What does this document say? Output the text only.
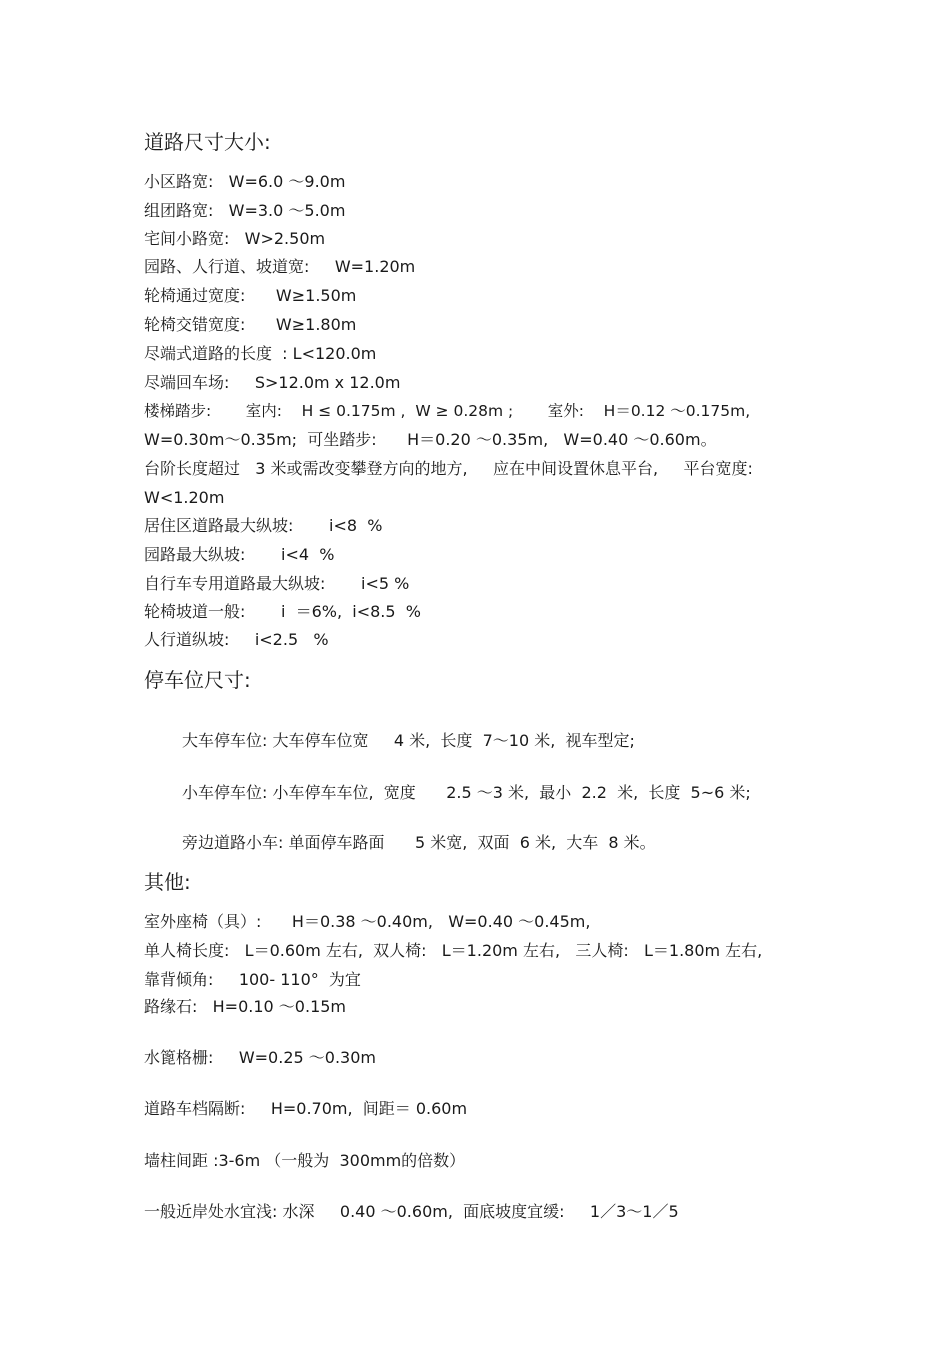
道路尺寸大小:
小区路宽:   W=6.0 ～9.0m
组团路宽:   W=3.0 ～5.0m
宅间小路宽:   W>2.50m
园路、人行道、坡道宽:     W=1.20m
轮椅通过宽度:      W≥1.50m
轮椅交错宽度:      W≥1.80m
尽端式道路的长度  : L<120.0m
尽端回车场:     S>12.0m x 12.0m
楼梯踏步:       室内:    H ≤ 0.175m ,  W ≥ 0.28m ;       室外:    H＝0.12 ～0.175m,
W=0.30m～0.35m;  可坐踏步:      H＝0.20 ～0.35m,   W=0.40 ～0.60m。
台阶长度超过   3 米或需改变攀登方向的地方,     应在中间设置休息平台,     平台宽度:
W<1.20m
居住区道路最大纵坡:       i<8  %
园路最大纵坡:       i<4  %
自行车专用道路最大纵坡:       i<5 %
轮椅坡道一般:       i  ＝6%,  i<8.5  %
人行道纵坡:     i<2.5   %
停车位尺寸:
大车停车位: 大车停车位宽     4 米,  长度  7～10 米,  视车型定;
小车停车位: 小车停车车位,  宽度      2.5 ～3 米,  最小  2.2  米,  长度  5~6 米;
旁边道路小车: 单面停车路面      5 米宽,  双面  6 米,  大车  8 米。
其他:
室外座椅（具）:      H＝0.38 ～0.40m,   W=0.40 ～0.45m,
单人椅长度:   L＝0.60m 左右,  双人椅:   L＝1.20m 左右,   三人椅:   L＝1.80m 左右,
靠背倾角:     100- 110°  为宜
路缘石:   H=0.10 ～0.15m
水篦格栅:     W=0.25 ～0.30m
道路车档隔断:     H=0.70m,  间距＝ 0.60m
墙柱间距 :3-6m （一般为  300mm的倍数）
一般近岸处水宜浅: 水深     0.40 ～0.60m,  面底坡度宜缓:     1／3～1／5
